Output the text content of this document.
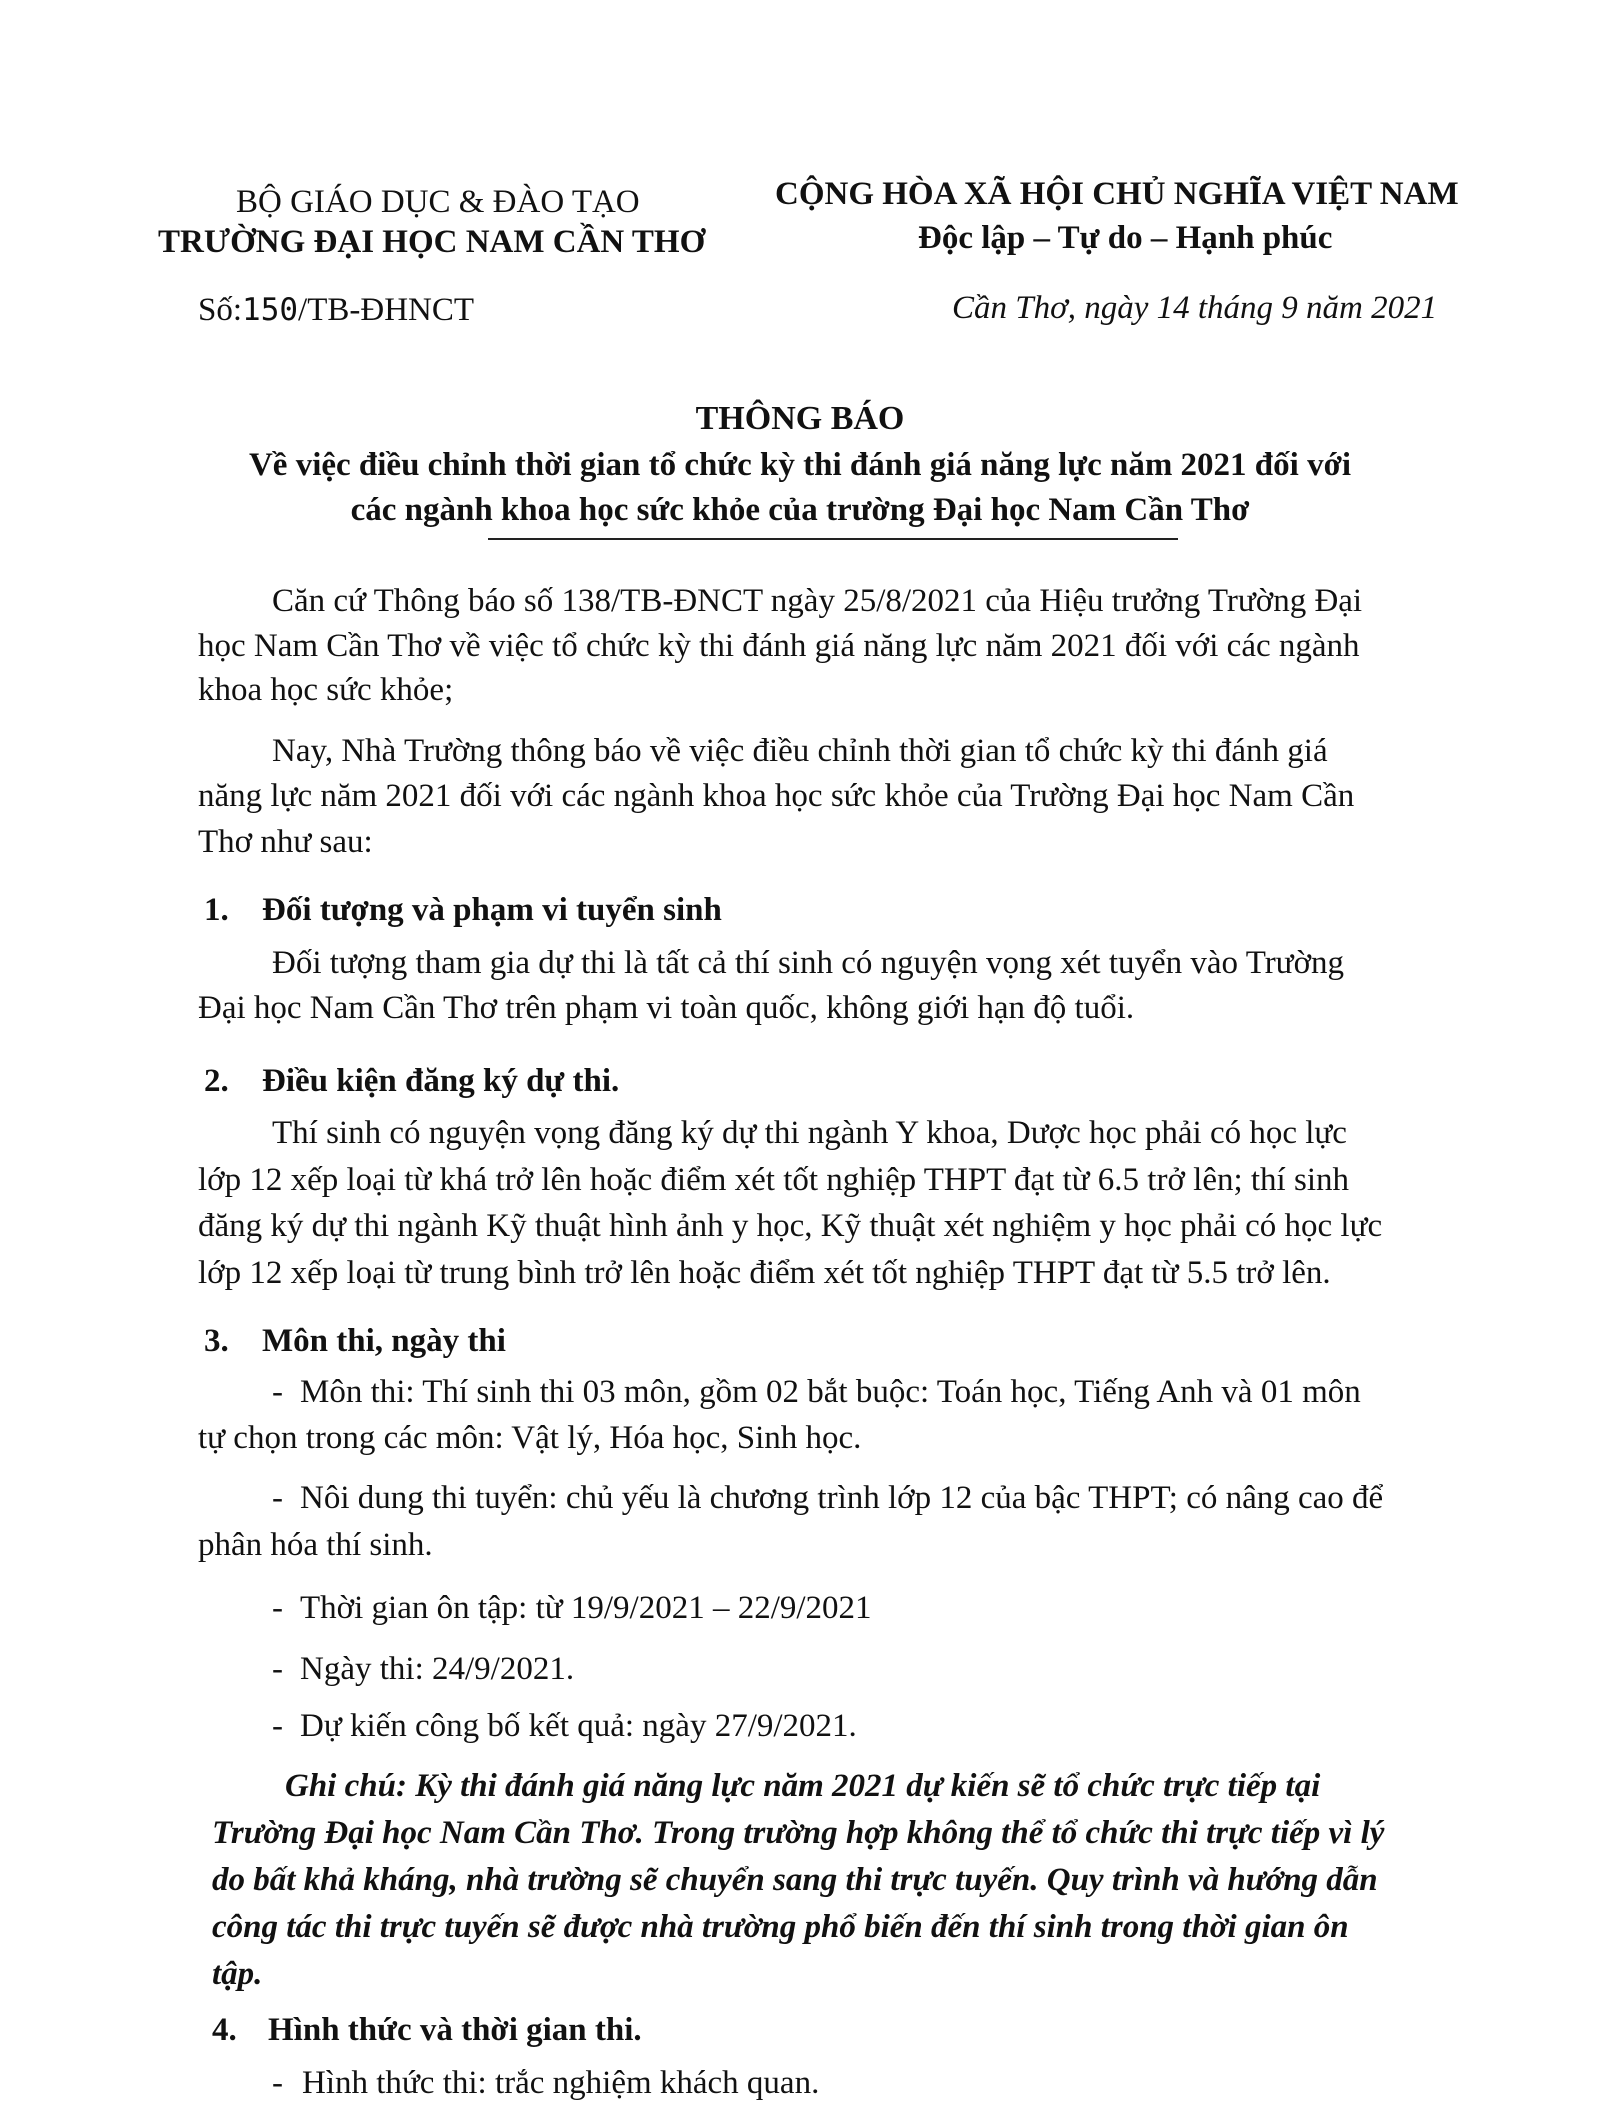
BỘ GIÁO DỤC & ĐÀO TẠO
TRƯỜNG ĐẠI HỌC NAM CẦN THƠ
CỘNG HÒA XÃ HỘI CHỦ NGHĨA VIỆT NAM
Độc lập – Tự do – Hạnh phúc
Số:150/TB-ĐHNCT	Cần Thơ, ngày 14 tháng 9 năm 2021
THÔNG BÁO
Về việc điều chỉnh thời gian tổ chức kỳ thi đánh giá năng lực năm 2021 đối với
các ngành khoa học sức khỏe của trường Đại học Nam Cần Thơ
Căn cứ Thông báo số 138/TB-ĐNCT ngày 25/8/2021 của Hiệu trưởng Trường Đại
học Nam Cần Thơ về việc tổ chức kỳ thi đánh giá năng lực năm 2021 đối với các ngành
khoa học sức khỏe;
Nay, Nhà Trường thông báo về việc điều chỉnh thời gian tổ chức kỳ thi đánh giá
năng lực năm 2021 đối với các ngành khoa học sức khỏe của Trường Đại học Nam Cần
Thơ như sau:
1. Đối tượng và phạm vi tuyển sinh
Đối tượng tham gia dự thi là tất cả thí sinh có nguyện vọng xét tuyển vào Trường
Đại học Nam Cần Thơ trên phạm vi toàn quốc, không giới hạn độ tuổi.
2. Điều kiện đăng ký dự thi.
Thí sinh có nguyện vọng đăng ký dự thi ngành Y khoa, Dược học phải có học lực
lớp 12 xếp loại từ khá trở lên hoặc điểm xét tốt nghiệp THPT đạt từ 6.5 trở lên; thí sinh
đăng ký dự thi ngành Kỹ thuật hình ảnh y học, Kỹ thuật xét nghiệm y học phải có học lực
lớp 12 xếp loại từ trung bình trở lên hoặc điểm xét tốt nghiệp THPT đạt từ 5.5 trở lên.
3. Môn thi, ngày thi
- Môn thi: Thí sinh thi 03 môn, gồm 02 bắt buộc: Toán học, Tiếng Anh và 01 môn
tự chọn trong các môn: Vật lý, Hóa học, Sinh học.
- Nôi dung thi tuyển: chủ yếu là chương trình lớp 12 của bậc THPT; có nâng cao để
phân hóa thí sinh.
- Thời gian ôn tập: từ 19/9/2021 – 22/9/2021
- Ngày thi: 24/9/2021.
- Dự kiến công bố kết quả: ngày 27/9/2021.
Ghi chú: Kỳ thi đánh giá năng lực năm 2021 dự kiến sẽ tổ chức trực tiếp tại
Trường Đại học Nam Cần Thơ. Trong trường hợp không thể tổ chức thi trực tiếp vì lý
do bất khả kháng, nhà trường sẽ chuyển sang thi trực tuyến. Quy trình và hướng dẫn
công tác thi trực tuyến sẽ được nhà trường phổ biến đến thí sinh trong thời gian ôn
tập.
4. Hình thức và thời gian thi.
- Hình thức thi: trắc nghiệm khách quan.
